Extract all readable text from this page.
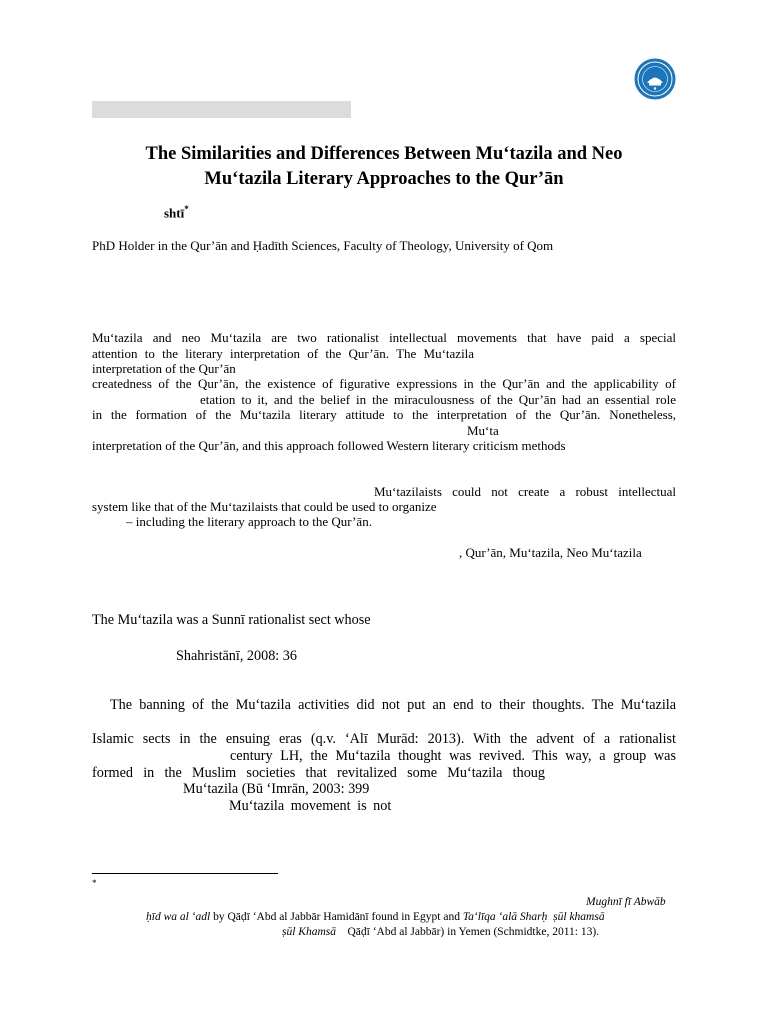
The Similarities and Differences Between Mu‘tazila and Neo
Mu‘tazila Literary Approaches to the Qur’ān
shtī*
PhD Holder in the Qur’ān and Ḥadīth Sciences, Faculty of Theology, University of Qom
Mu‘tazila and neo Mu‘tazila are two rationalist intellectual movements that have paid a special
attention to the literary interpretation of the Qur’ān. The Mu‘tazila
interpretation of the Qur’ān
createdness of the Qur’ān, the existence of figurative expressions in the Qur’ān and the applicability of
etation to it, and the belief in the miraculousness of the Qur’ān had an essential role
in the formation of the Mu‘tazila literary attitude to the interpretation of the Qur’ān. Nonetheless,
Mu‘ta
interpretation of the Qur’ān, and this approach followed Western literary criticism methods
Mu‘tazilaists could not create a robust intellectual
system like that of the Mu‘tazilaists that could be used to organize
– including the literary approach to the Qur’ān.
, Qur’ān, Mu‘tazila, Neo Mu‘tazila
The Mu‘tazila was a Sunnī rationalist sect whose
Shahristānī, 2008: 36
The banning of the Mu‘tazila activities did not put an end to their thoughts. The Mu‘tazila
Islamic sects in the ensuing eras (q.v. ‘Alī Murād: 2013). With the advent of a rationalist
century LH, the Mu‘tazila thought was revived. This way, a group was
formed in the Muslim societies that revitalized some Mu‘tazila thoug
Mu‘tazila (Bū ‘Imrān, 2003: 399
Mu‘tazila movement is not
*
Mughnī fī Abwāb
ḥīd wa al ‘adl by Qāḍī ‘Abd al Jabbār Hamidānī found in Egypt and Ta‘līqa ‘alā Sharḥ ṣūl khamsā
ṣūl Khamsā    Qāḍī ‘Abd al Jabbār) in Yemen (Schmidtke, 2011: 13).
